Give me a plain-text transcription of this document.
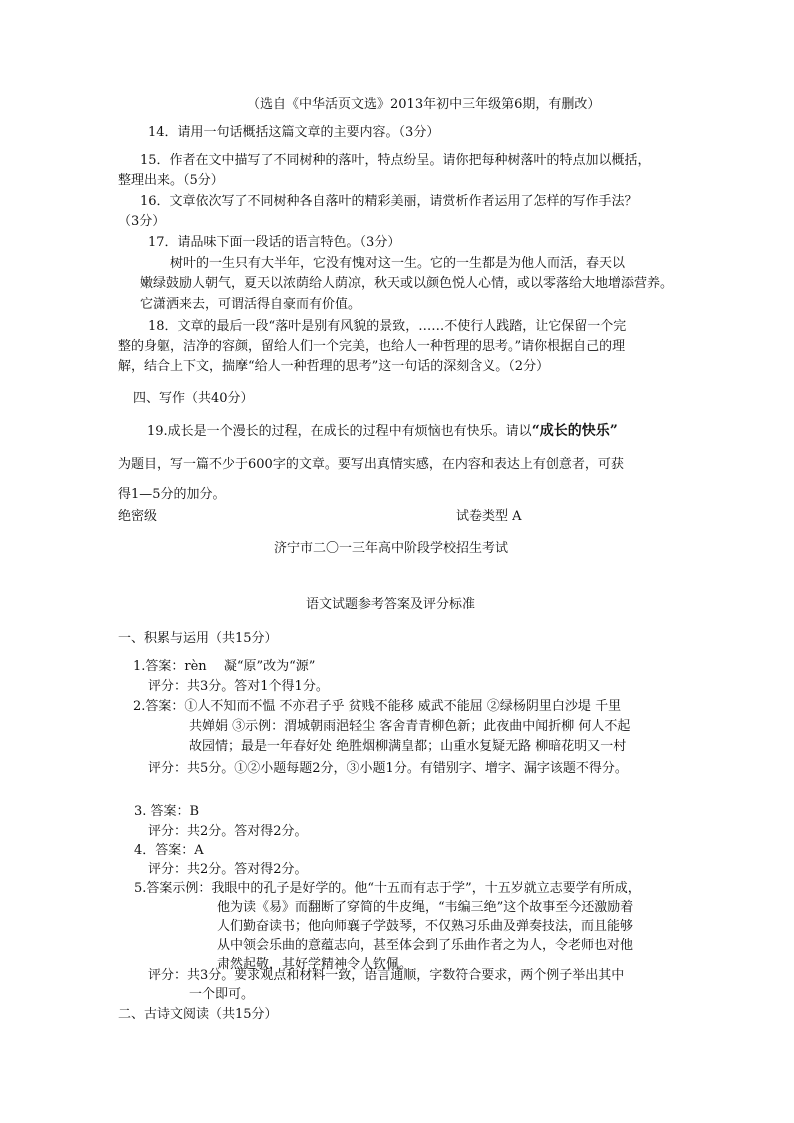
（选自《中华活页文选》2013年初中三年级第6期，有删改）
14．请用一句话概括这篇文章的主要内容。（3分）
15．作者在文中描写了不同树种的落叶，特点纷呈。请你把每种树落叶的特点加以概括，
整理出来。（5分）
16．文章依次写了不同树种各自落叶的精彩美丽，请赏析作者运用了怎样的写作手法？
（3分）
17．请品味下面一段话的语言特色。（3分）
树叶的一生只有大半年，它没有愧对这一生。它的一生都是为他人而活，春天以
嫩绿鼓励人朝气，夏天以浓荫给人荫凉，秋天或以颜色悦人心情，或以零落给大地增添营养。
它潇洒来去，可谓活得自豪而有价值。
18．文章的最后一段“落叶是别有风貌的景致，……不使行人践踏，让它保留一个完
整的身躯，洁净的容颜，留给人们一个完美，也给人一种哲理的思考。”请你根据自己的理
解，结合上下文，揣摩“给人一种哲理的思考”这一句话的深刻含义。（2分）
四、写作（共40分）
19.成长是一个漫长的过程，在成长的过程中有烦恼也有快乐。请以“成长的快乐”
为题目，写一篇不少于600字的文章。要写出真情实感，在内容和表达上有创意者，可获
得1—5分的加分。
绝密级	试卷类型 A
济宁市二〇一三年高中阶段学校招生考试
语文试题参考答案及评分标准
一、积累与运用（共15分）
1.答案：rèn　 凝“原”改为“源”
评分：共3分。答对1个得1分。
2.答案：①人不知而不愠 不亦君子乎 贫贱不能移 威武不能屈 ②绿杨阴里白沙堤 千里
共婵娟 ③示例：渭城朝雨浥轻尘 客舍青青柳色新；此夜曲中闻折柳 何人不起
故园情；最是一年春好处 绝胜烟柳满皇都；山重水复疑无路 柳暗花明又一村
评分：共5分。①②小题每题2分，③小题1分。有错别字、增字、漏字该题不得分。
3. 答案：B
评分：共2分。答对得2分。
4．答案：A
评分：共2分。答对得2分。
5.答案示例：我眼中的孔子是好学的。他“十五而有志于学”，十五岁就立志要学有所成，
他为读《易》而翻断了穿简的牛皮绳，“韦编三绝”这个故事至今还激励着
人们勤奋读书；他向师襄子学鼓琴，不仅熟习乐曲及弹奏技法，而且能够
从中领会乐曲的意蕴志向，甚至体会到了乐曲作者之为人，令老师也对他
肃然起敬，其好学精神令人钦佩。
评分：共3分。要求观点和材料一致，语言通顺，字数符合要求，两个例子举出其中
一个即可。
二、古诗文阅读（共15分）
